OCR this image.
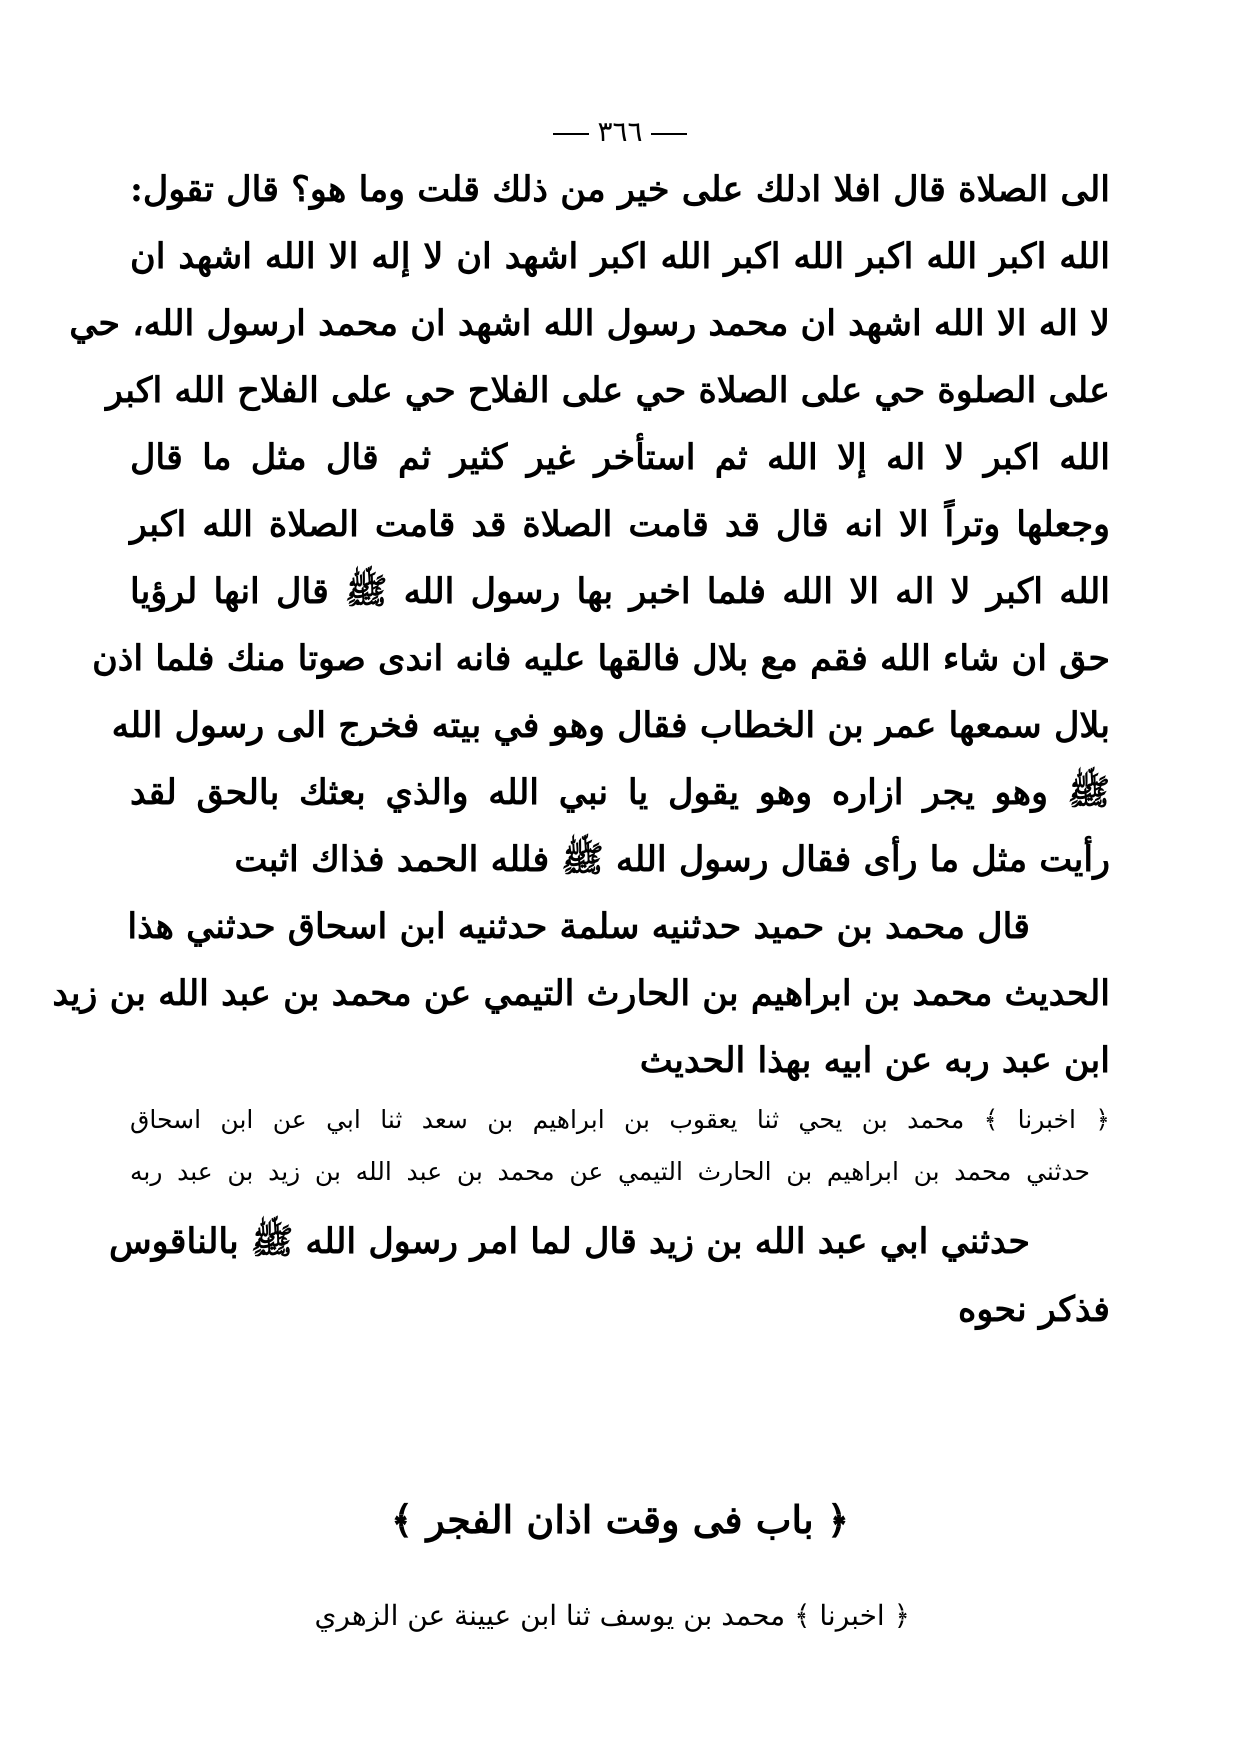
٣٦٦
الى الصلاة قال افلا ادلك على خير من ذلك قلت وما هو؟ قال تقول:
الله اكبر الله اكبر الله اكبر الله اكبر اشهد ان لا إله الا الله اشهد ان
لا اله الا الله اشهد ان محمد رسول الله اشهد ان محمد ارسول الله، حي
على الصلوة حي على الصلاة حي على الفلاح حي على الفلاح الله اكبر
الله اكبر لا اله إلا الله ثم استأخر غير كثير ثم قال مثل ما قال
وجعلها وتراً الا انه قال قد قامت الصلاة قد قامت الصلاة الله اكبر
الله اكبر لا اله الا الله فلما اخبر بها رسول الله ﷺ قال انها لرؤيا
حق ان شاء الله فقم مع بلال فالقها عليه فانه اندى صوتا منك فلما اذن
بلال سمعها عمر بن الخطاب فقال وهو في بيته فخرج الى رسول الله
ﷺ وهو يجر ازاره وهو يقول يا نبي الله والذي بعثك بالحق لقد
رأيت مثل ما رأى فقال رسول الله ﷺ فلله الحمد فذاك اثبت
قال محمد بن حميد حدثنيه سلمة حدثنيه ابن اسحاق حدثني هذا
الحديث محمد بن ابراهيم بن الحارث التيمي عن محمد بن عبد الله بن زيد
ابن عبد ربه عن ابيه بهذا الحديث
﴿ اخبرنا ﴾ محمد بن يحي ثنا يعقوب بن ابراهيم بن سعد ثنا ابي عن ابن اسحاق
حدثني محمد بن ابراهيم بن الحارث التيمي عن محمد بن عبد الله بن زيد بن عبد ربه
حدثني ابي عبد الله بن زيد قال لما امر رسول الله ﷺ بالناقوس
فذكر نحوه
﴿ باب فى وقت اذان الفجر ﴾
﴿ اخبرنا ﴾ محمد بن يوسف ثنا ابن عيينة عن الزهري
